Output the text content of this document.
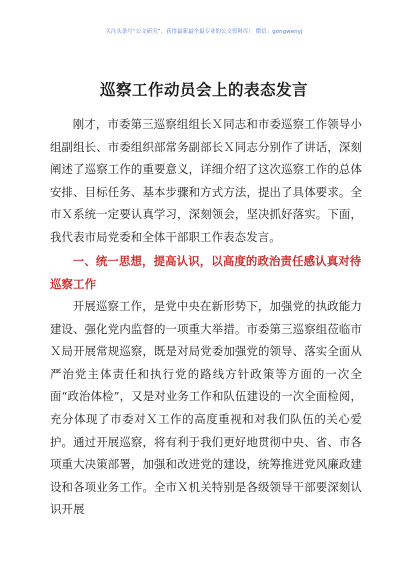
关注头条号“公文研究”，获得最新最全最专业的公文资料库！ 微信：gongwenyj
巡察工作动员会上的表态发言

刚才，市委第三巡察组组长Ｘ同志和市委巡察工作领导小组副组长、市委组织部常务副部长Ｘ同志分别作了讲话，深刻阐述了巡察工作的重要意义，详细介绍了这次巡察工作的总体安排、目标任务、基本步骤和方式方法，提出了具体要求。全市Ｘ系统一定要认真学习，深刻领会，坚决抓好落实。下面，我代表市局党委和全体干部职工作表态发言。

一、统一思想，提高认识，以高度的政治责任感认真对待巡察工作

开展巡察工作，是党中央在新形势下，加强党的执政能力建设、强化党内监督的一项重大举措。市委第三巡察组莅临市Ｘ局开展常规巡察，既是对局党委加强党的领导、落实全面从严治党主体责任和执行党的路线方针政策等方面的一次全面“政治体检”，又是对业务工作和队伍建设的一次全面检阅，充分体现了市委对Ｘ工作的高度重视和对我们队伍的关心爱护。通过开展巡察，将有利于我们更好地贯彻中央、省、市各项重大决策部署，加强和改进党的建设，统筹推进党风廉政建设和各项业务工作。全市Ｘ机关特别是各级领导干部要深刻认识开展
